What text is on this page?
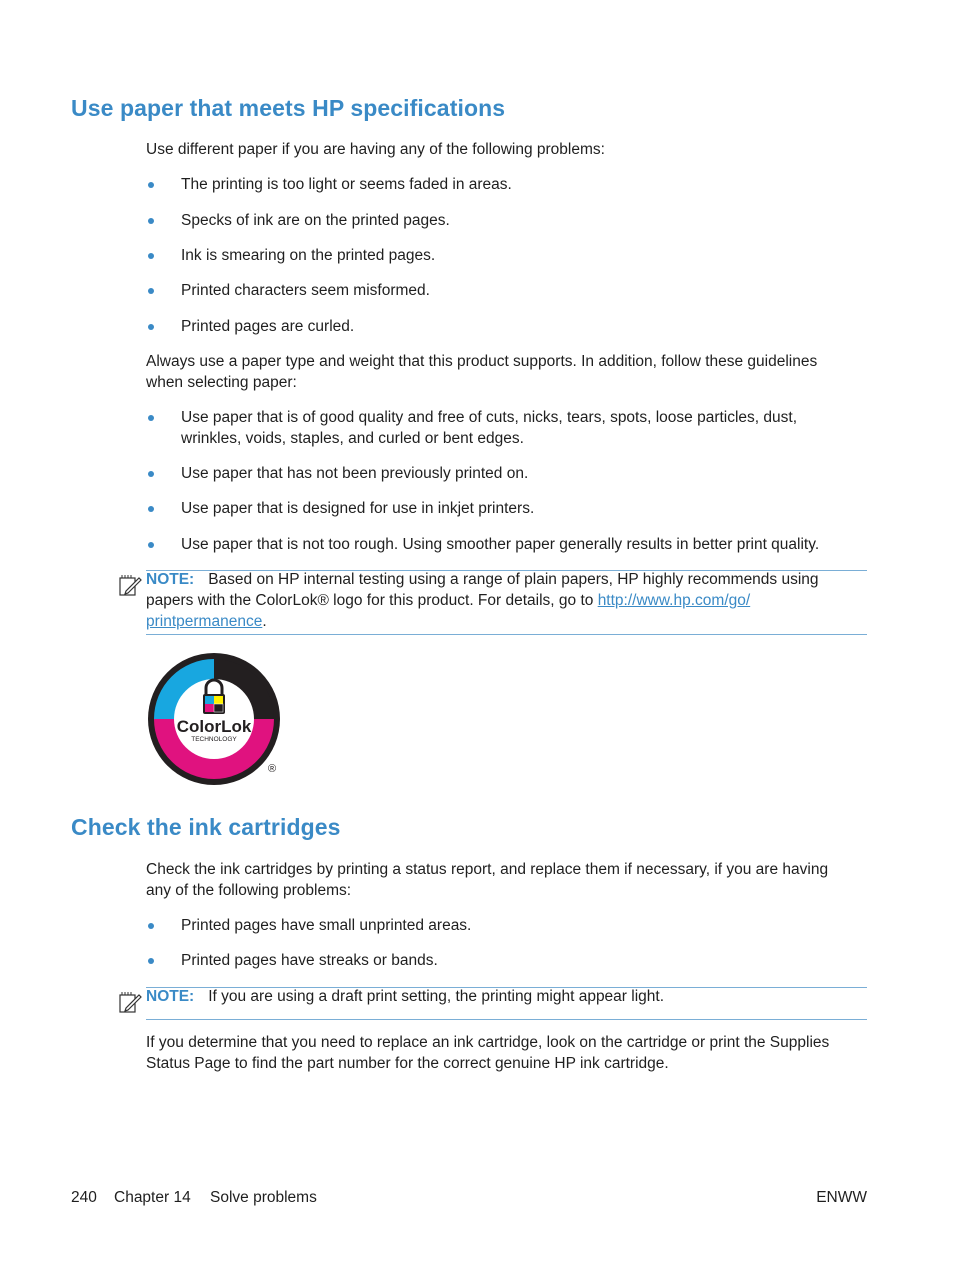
Use paper that meets HP specifications

Use different paper if you are having any of the following problems:

The printing is too light or seems faded in areas.
Specks of ink are on the printed pages.
Ink is smearing on the printed pages.
Printed characters seem misformed.
Printed pages are curled.

Always use a paper type and weight that this product supports. In addition, follow these guidelines
when selecting paper:

Use paper that is of good quality and free of cuts, nicks, tears, spots, loose particles, dust,
wrinkles, voids, staples, and curled or bent edges.
Use paper that has not been previously printed on.
Use paper that is designed for use in inkjet printers.
Use paper that is not too rough. Using smoother paper generally results in better print quality.
NOTE: Based on HP internal testing using a range of plain papers, HP highly recommends using
papers with the ColorLok® logo for this product. For details, go to http://www.hp.com/go/
printpermanence.
ColorLok
TECHNOLOGY
®
Check the ink cartridges

Check the ink cartridges by printing a status report, and replace them if necessary, if you are having
any of the following problems:

Printed pages have small unprinted areas.
Printed pages have streaks or bands.
NOTE: If you are using a draft print setting, the printing might appear light.

If you determine that you need to replace an ink cartridge, look on the cartridge or print the Supplies
Status Page to find the part number for the correct genuine HP ink cartridge.

240 Chapter 14 Solve problems	ENWW
